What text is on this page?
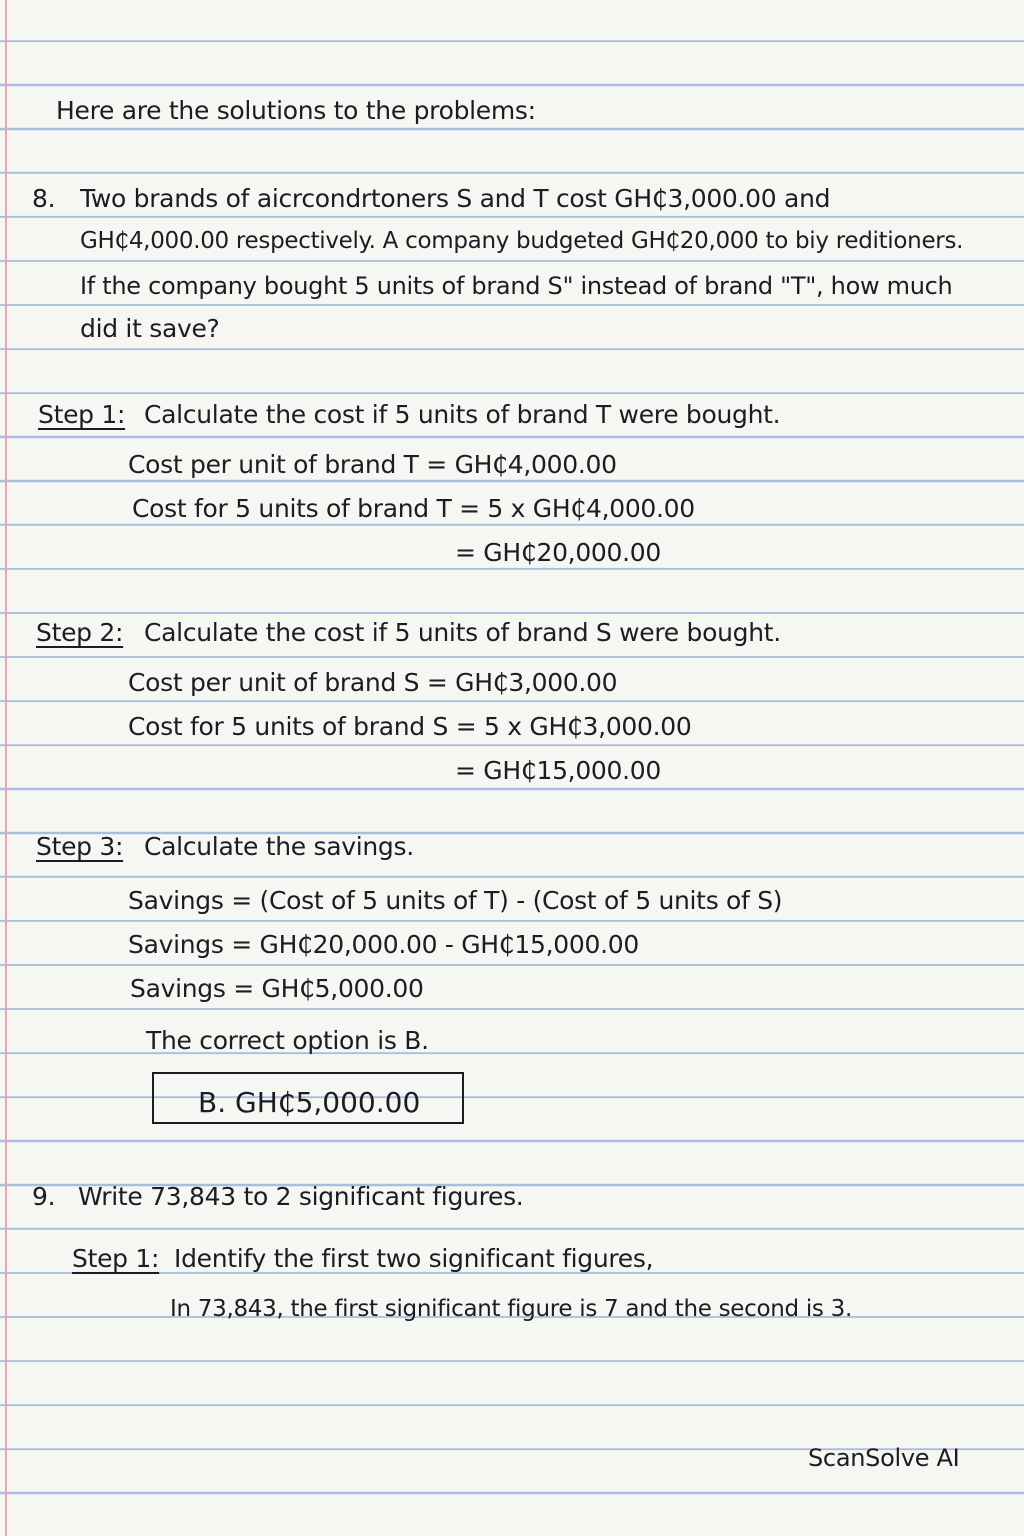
Here are the solutions to the problems:
8. Two brands of aicrcondrtoners S and T cost GH₵3,000.00 and
GH₵4,000.00 respectively. A company budgeted GH₵20,000 to biy reditioners.
If the company bought 5 units of brand S" instead of brand "T", how much
did it save?
Step 1: Calculate the cost if 5 units of brand T were bought.
Cost per unit of brand T = GH₵4,000.00
Cost for 5 units of brand T = 5 x GH₵4,000.00
= GH₵20,000.00
Step 2: Calculate the cost if 5 units of brand S were bought.
Cost per unit of brand S = GH₵3,000.00
Cost for 5 units of brand S = 5 x GH₵3,000.00
= GH₵15,000.00
Step 3: Calculate the savings.
Savings = (Cost of 5 units of T) - (Cost of 5 units of S)
Savings = GH₵20,000.00 - GH₵15,000.00
Savings = GH₵5,000.00
The correct option is B.
B. GH₵5,000.00
9. Write 73,843 to 2 significant figures.
Step 1: Identify the first two significant figures,
In 73,843, the first significant figure is 7 and the second is 3.
ScanSolve AI
